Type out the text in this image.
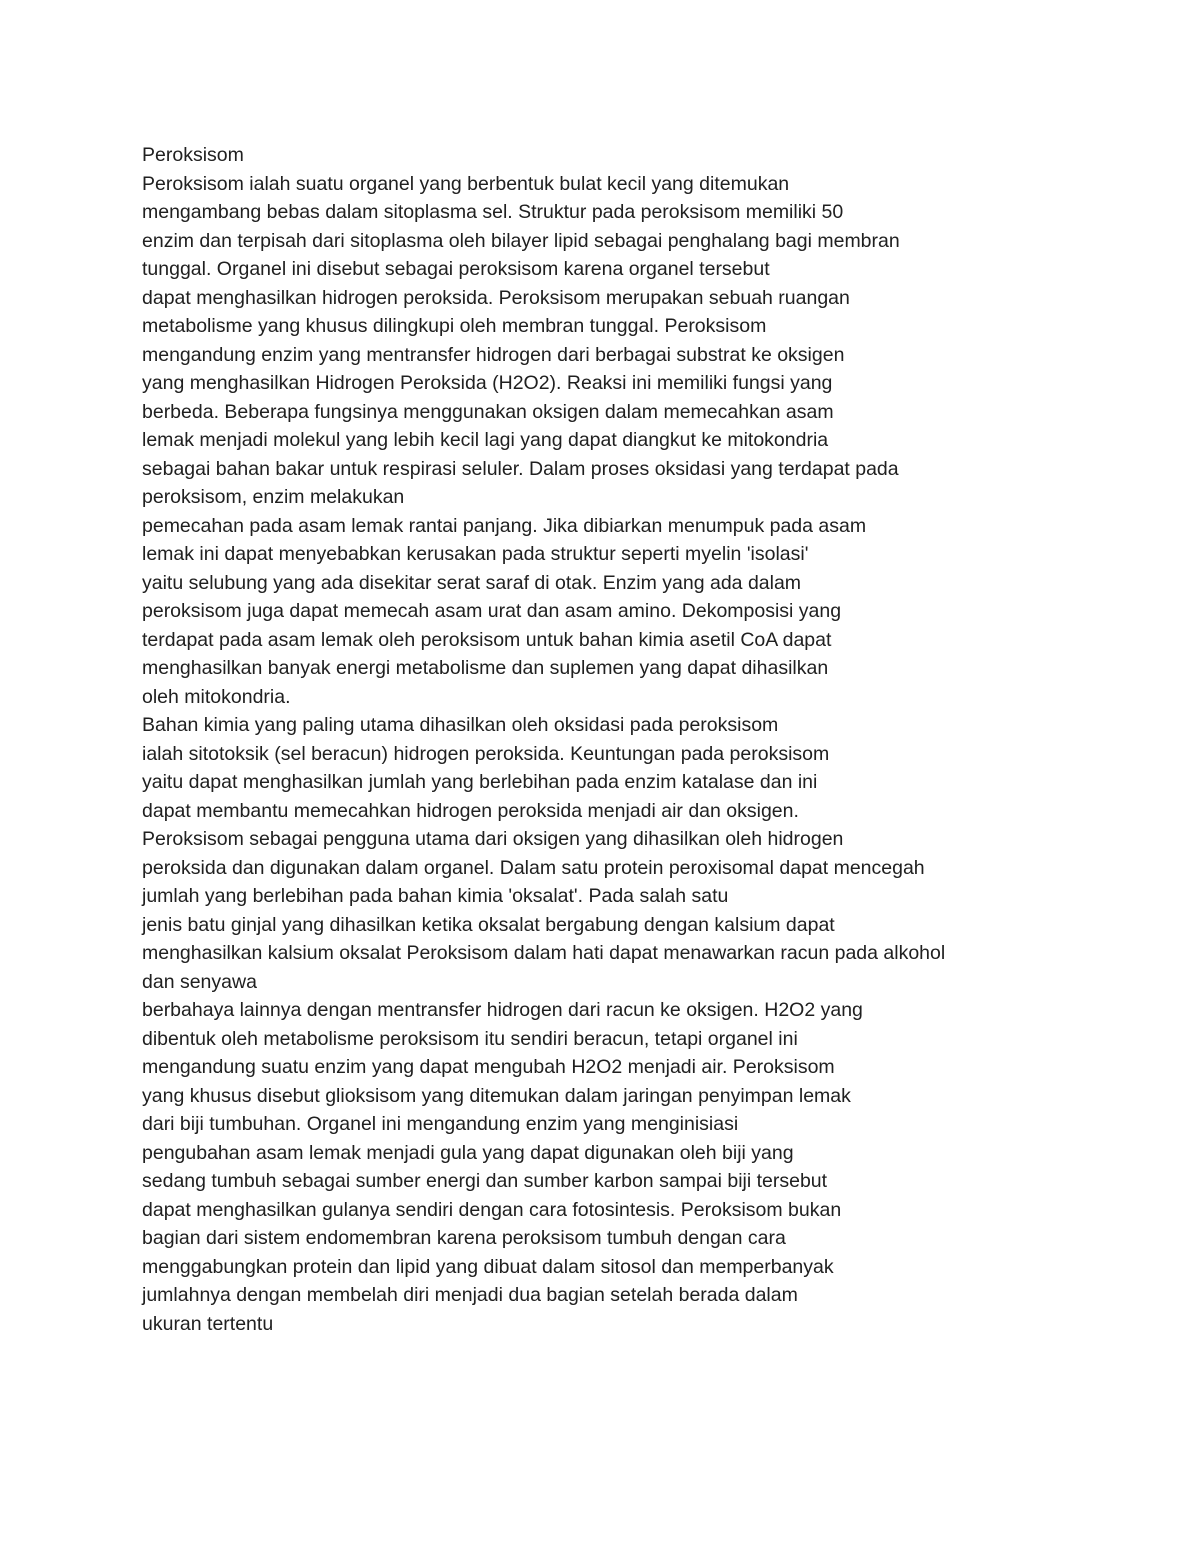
Peroksisom
Peroksisom ialah suatu organel yang berbentuk bulat kecil yang ditemukan
mengambang bebas dalam sitoplasma sel. Struktur pada peroksisom memiliki 50
enzim dan terpisah dari sitoplasma oleh bilayer lipid sebagai penghalang bagi membran
tunggal. Organel ini disebut sebagai peroksisom karena organel tersebut
dapat menghasilkan hidrogen peroksida. Peroksisom merupakan sebuah ruangan
metabolisme yang khusus dilingkupi oleh membran tunggal. Peroksisom
mengandung enzim yang mentransfer hidrogen dari berbagai substrat ke oksigen
yang menghasilkan Hidrogen Peroksida (H2O2). Reaksi ini memiliki fungsi yang
berbeda. Beberapa fungsinya menggunakan oksigen dalam memecahkan asam
lemak menjadi molekul yang lebih kecil lagi yang dapat diangkut ke mitokondria
sebagai bahan bakar untuk respirasi seluler. Dalam proses oksidasi yang terdapat pada
peroksisom, enzim melakukan
pemecahan pada asam lemak rantai panjang. Jika dibiarkan menumpuk pada asam
lemak ini dapat menyebabkan kerusakan pada struktur seperti myelin 'isolasi'
yaitu selubung yang ada disekitar serat saraf di otak. Enzim yang ada dalam
peroksisom juga dapat memecah asam urat dan asam amino. Dekomposisi yang
terdapat pada asam lemak oleh peroksisom untuk bahan kimia asetil CoA dapat
menghasilkan banyak energi metabolisme dan suplemen yang dapat dihasilkan
oleh mitokondria.
Bahan kimia yang paling utama dihasilkan oleh oksidasi pada peroksisom
ialah sitotoksik (sel beracun) hidrogen peroksida. Keuntungan pada peroksisom
yaitu dapat menghasilkan jumlah yang berlebihan pada enzim katalase dan ini
dapat membantu memecahkan hidrogen peroksida menjadi air dan oksigen.
Peroksisom sebagai pengguna utama dari oksigen yang dihasilkan oleh hidrogen
peroksida dan digunakan dalam organel. Dalam satu protein peroxisomal dapat mencegah
jumlah yang berlebihan pada bahan kimia 'oksalat'. Pada salah satu
jenis batu ginjal yang dihasilkan ketika oksalat bergabung dengan kalsium dapat
menghasilkan kalsium oksalat Peroksisom dalam hati dapat menawarkan racun pada alkohol
dan senyawa
berbahaya lainnya dengan mentransfer hidrogen dari racun ke oksigen. H2O2 yang
dibentuk oleh metabolisme peroksisom itu sendiri beracun, tetapi organel ini
mengandung suatu enzim yang dapat mengubah H2O2 menjadi air. Peroksisom
yang khusus disebut glioksisom yang ditemukan dalam jaringan penyimpan lemak
dari biji tumbuhan. Organel ini mengandung enzim yang menginisiasi
pengubahan asam lemak menjadi gula yang dapat digunakan oleh biji yang
sedang tumbuh sebagai sumber energi dan sumber karbon sampai biji tersebut
dapat menghasilkan gulanya sendiri dengan cara fotosintesis. Peroksisom bukan
bagian dari sistem endomembran karena peroksisom tumbuh dengan cara
menggabungkan protein dan lipid yang dibuat dalam sitosol dan memperbanyak
jumlahnya dengan membelah diri menjadi dua bagian setelah berada dalam
ukuran tertentu
